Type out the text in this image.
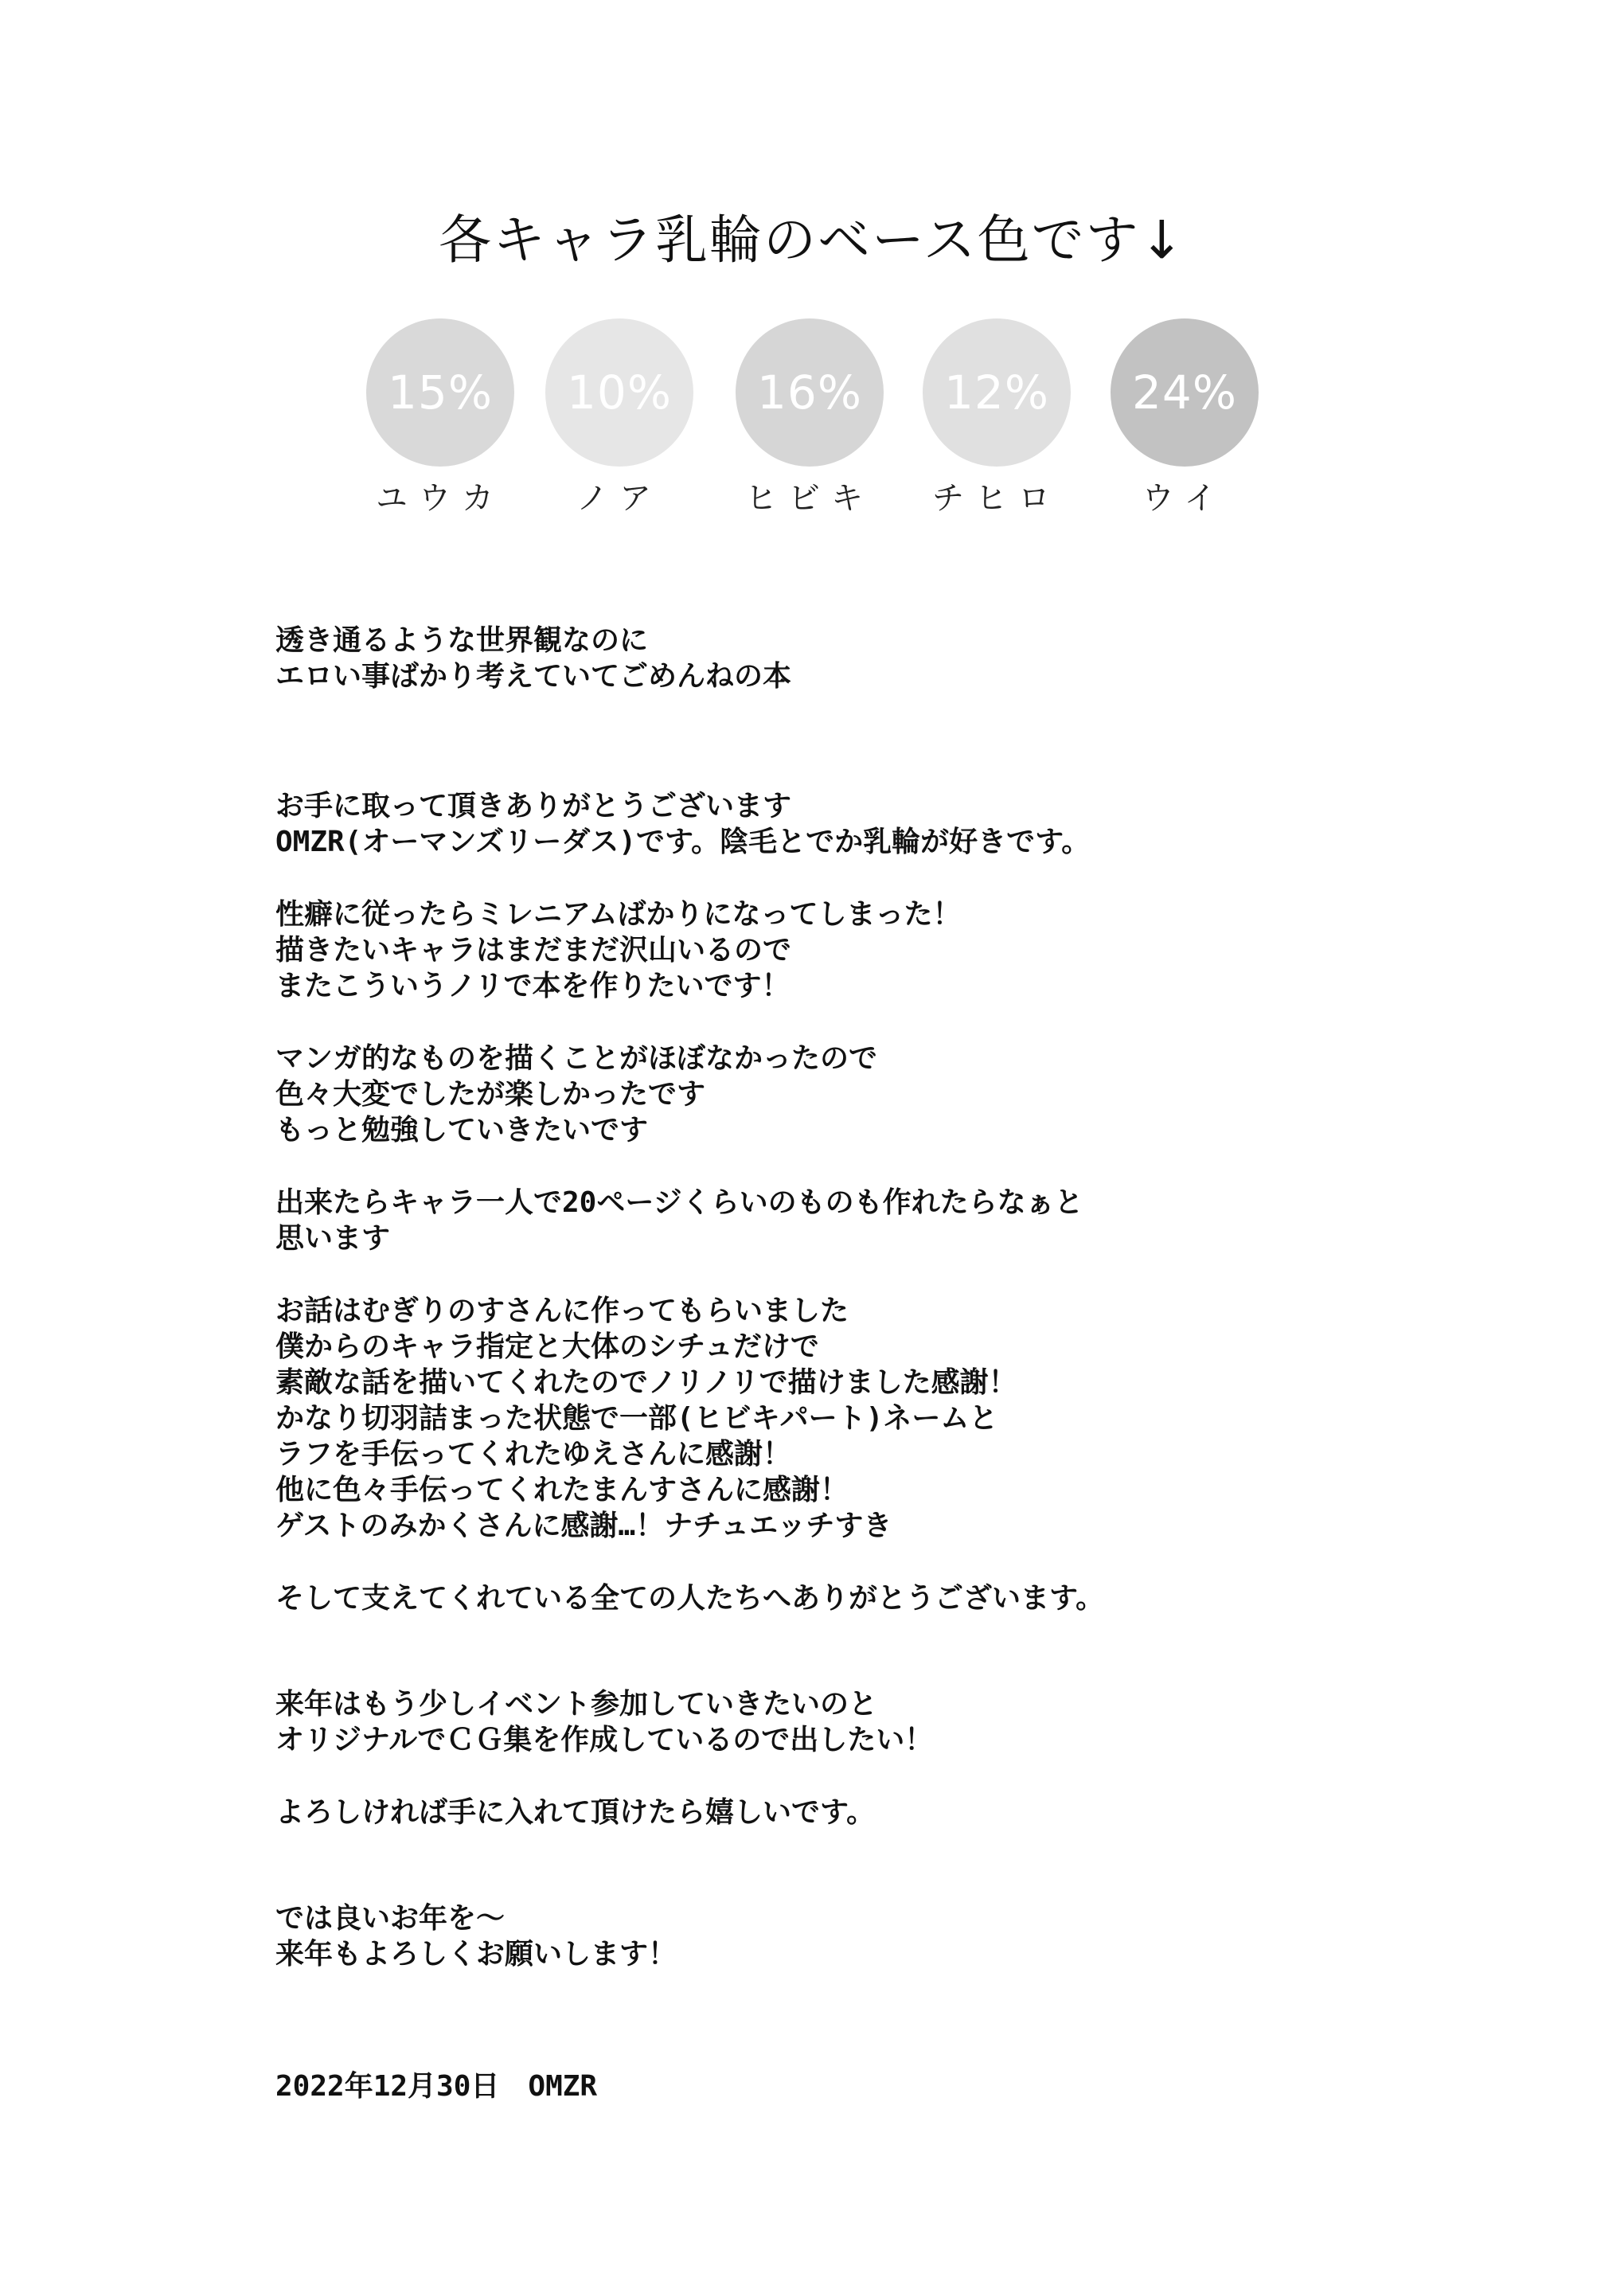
各キャラ乳輪のベース色です↓
15%
ユウカ
10%
ノア
16%
ヒビキ
12%
チヒロ
24%
ウイ
透き通るような世界観なのに
エロい事ばかり考えていてごめんねの本
お手に取って頂きありがとうございます
OMZR(オーマンズリーダス)です。陰毛とでか乳輪が好きです。
性癖に従ったらミレニアムばかりになってしまった！
描きたいキャラはまだまだ沢山いるので
またこういうノリで本を作りたいです！
マンガ的なものを描くことがほぼなかったので
色々大変でしたが楽しかったです
もっと勉強していきたいです
出来たらキャラ一人で20ページくらいのものも作れたらなぁと
思います
お話はむぎりのすさんに作ってもらいました
僕からのキャラ指定と大体のシチュだけで
素敵な話を描いてくれたのでノリノリで描けました感謝！
かなり切羽詰まった状態で一部(ヒビキパート)ネームと
ラフを手伝ってくれたゆえさんに感謝！
他に色々手伝ってくれたまんすさんに感謝！
ゲストのみかくさんに感謝…！ナチュエッチすき
そして支えてくれている全ての人たちへありがとうございます。
来年はもう少しイベント参加していきたいのと
オリジナルでＣＧ集を作成しているので出したい！
よろしければ手に入れて頂けたら嬉しいです。
では良いお年を～
来年もよろしくお願いします！
2022年12月30日　OMZR
